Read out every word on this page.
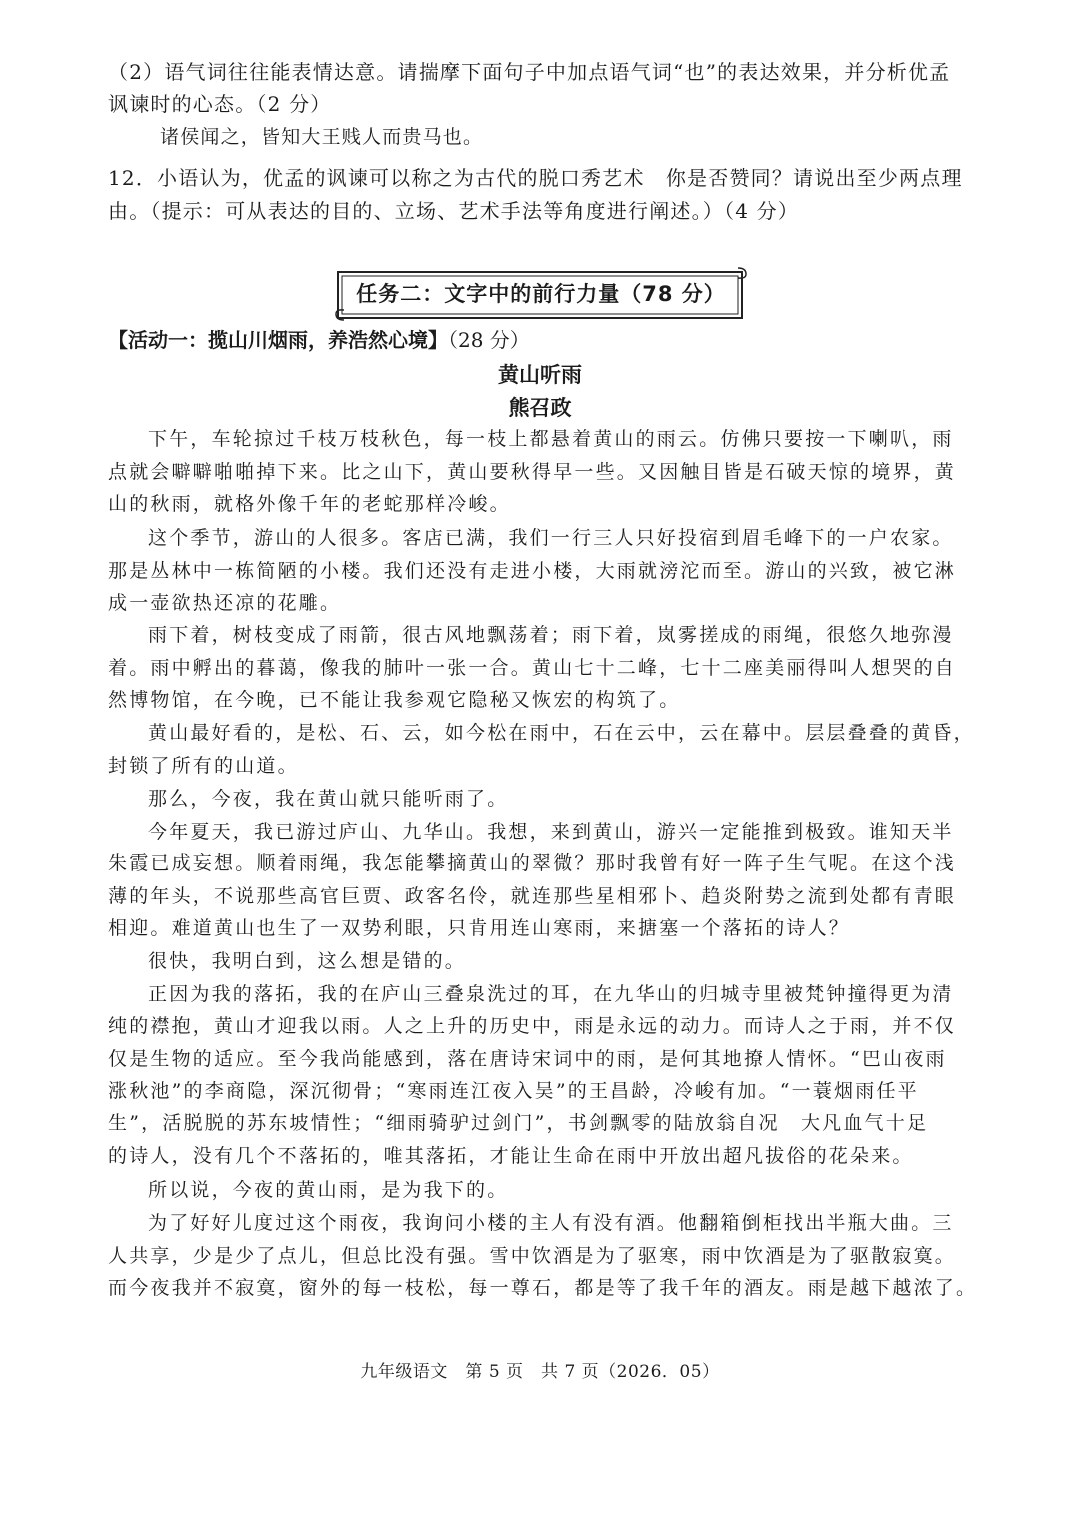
（2）语气词往往能表情达意。请揣摩下面句子中加点语气词“也”的表达效果，并分析优孟
讽谏时的心态。（2 分）
诸侯闻之，皆知大王贱人而贵马也。
12．小语认为，优孟的讽谏可以称之为古代的脱口秀艺术　你是否赞同？请说出至少两点理
由。（提示：可从表达的目的、立场、艺术手法等角度进行阐述。）（4 分）
任务二：文字中的前行力量（78 分）
【活动一：揽山川烟雨，养浩然心境】（28 分）
黄山听雨
熊召政
下午，车轮掠过千枝万枝秋色，每一枝上都悬着黄山的雨云。仿佛只要按一下喇叭，雨
点就会噼噼啪啪掉下来。比之山下，黄山要秋得早一些。又因触目皆是石破天惊的境界，黄
山的秋雨，就格外像千年的老蛇那样冷峻。
这个季节，游山的人很多。客店已满，我们一行三人只好投宿到眉毛峰下的一户农家。
那是丛林中一栋简陋的小楼。我们还没有走进小楼，大雨就滂沱而至。游山的兴致，被它淋
成一壶欲热还凉的花雕。
雨下着，树枝变成了雨箭，很古风地飘荡着；雨下着，岚雾搓成的雨绳，很悠久地弥漫
着。雨中孵出的暮蔼，像我的肺叶一张一合。黄山七十二峰，七十二座美丽得叫人想哭的自
然博物馆，在今晚，已不能让我参观它隐秘又恢宏的构筑了。
黄山最好看的，是松、石、云，如今松在雨中，石在云中，云在幕中。层层叠叠的黄昏，
封锁了所有的山道。
那么，今夜，我在黄山就只能听雨了。
今年夏天，我已游过庐山、九华山。我想，来到黄山，游兴一定能推到极致。谁知天半
朱霞已成妄想。顺着雨绳，我怎能攀摘黄山的翠微？那时我曾有好一阵子生气呢。在这个浅
薄的年头，不说那些高官巨贾、政客名伶，就连那些星相邪卜、趋炎附势之流到处都有青眼
相迎。难道黄山也生了一双势利眼，只肯用连山寒雨，来搪塞一个落拓的诗人？
很快，我明白到，这么想是错的。
正因为我的落拓，我的在庐山三叠泉洗过的耳，在九华山的归城寺里被梵钟撞得更为清
纯的襟抱，黄山才迎我以雨。人之上升的历史中，雨是永远的动力。而诗人之于雨，并不仅
仅是生物的适应。至今我尚能感到，落在唐诗宋词中的雨，是何其地撩人情怀。“巴山夜雨
涨秋池”的李商隐，深沉彻骨；“寒雨连江夜入吴”的王昌龄，冷峻有加。“一蓑烟雨任平
生”，活脱脱的苏东坡情性；“细雨骑驴过剑门”，书剑飘零的陆放翁自况　大凡血气十足
的诗人，没有几个不落拓的，唯其落拓，才能让生命在雨中开放出超凡拔俗的花朵来。
所以说，今夜的黄山雨，是为我下的。
为了好好儿度过这个雨夜，我询问小楼的主人有没有酒。他翻箱倒柜找出半瓶大曲。三
人共享，少是少了点儿，但总比没有强。雪中饮酒是为了驱寒，雨中饮酒是为了驱散寂寞。
而今夜我并不寂寞，窗外的每一枝松，每一尊石，都是等了我千年的酒友。雨是越下越浓了。
九年级语文　第 5 页　共 7 页（2026．05）
